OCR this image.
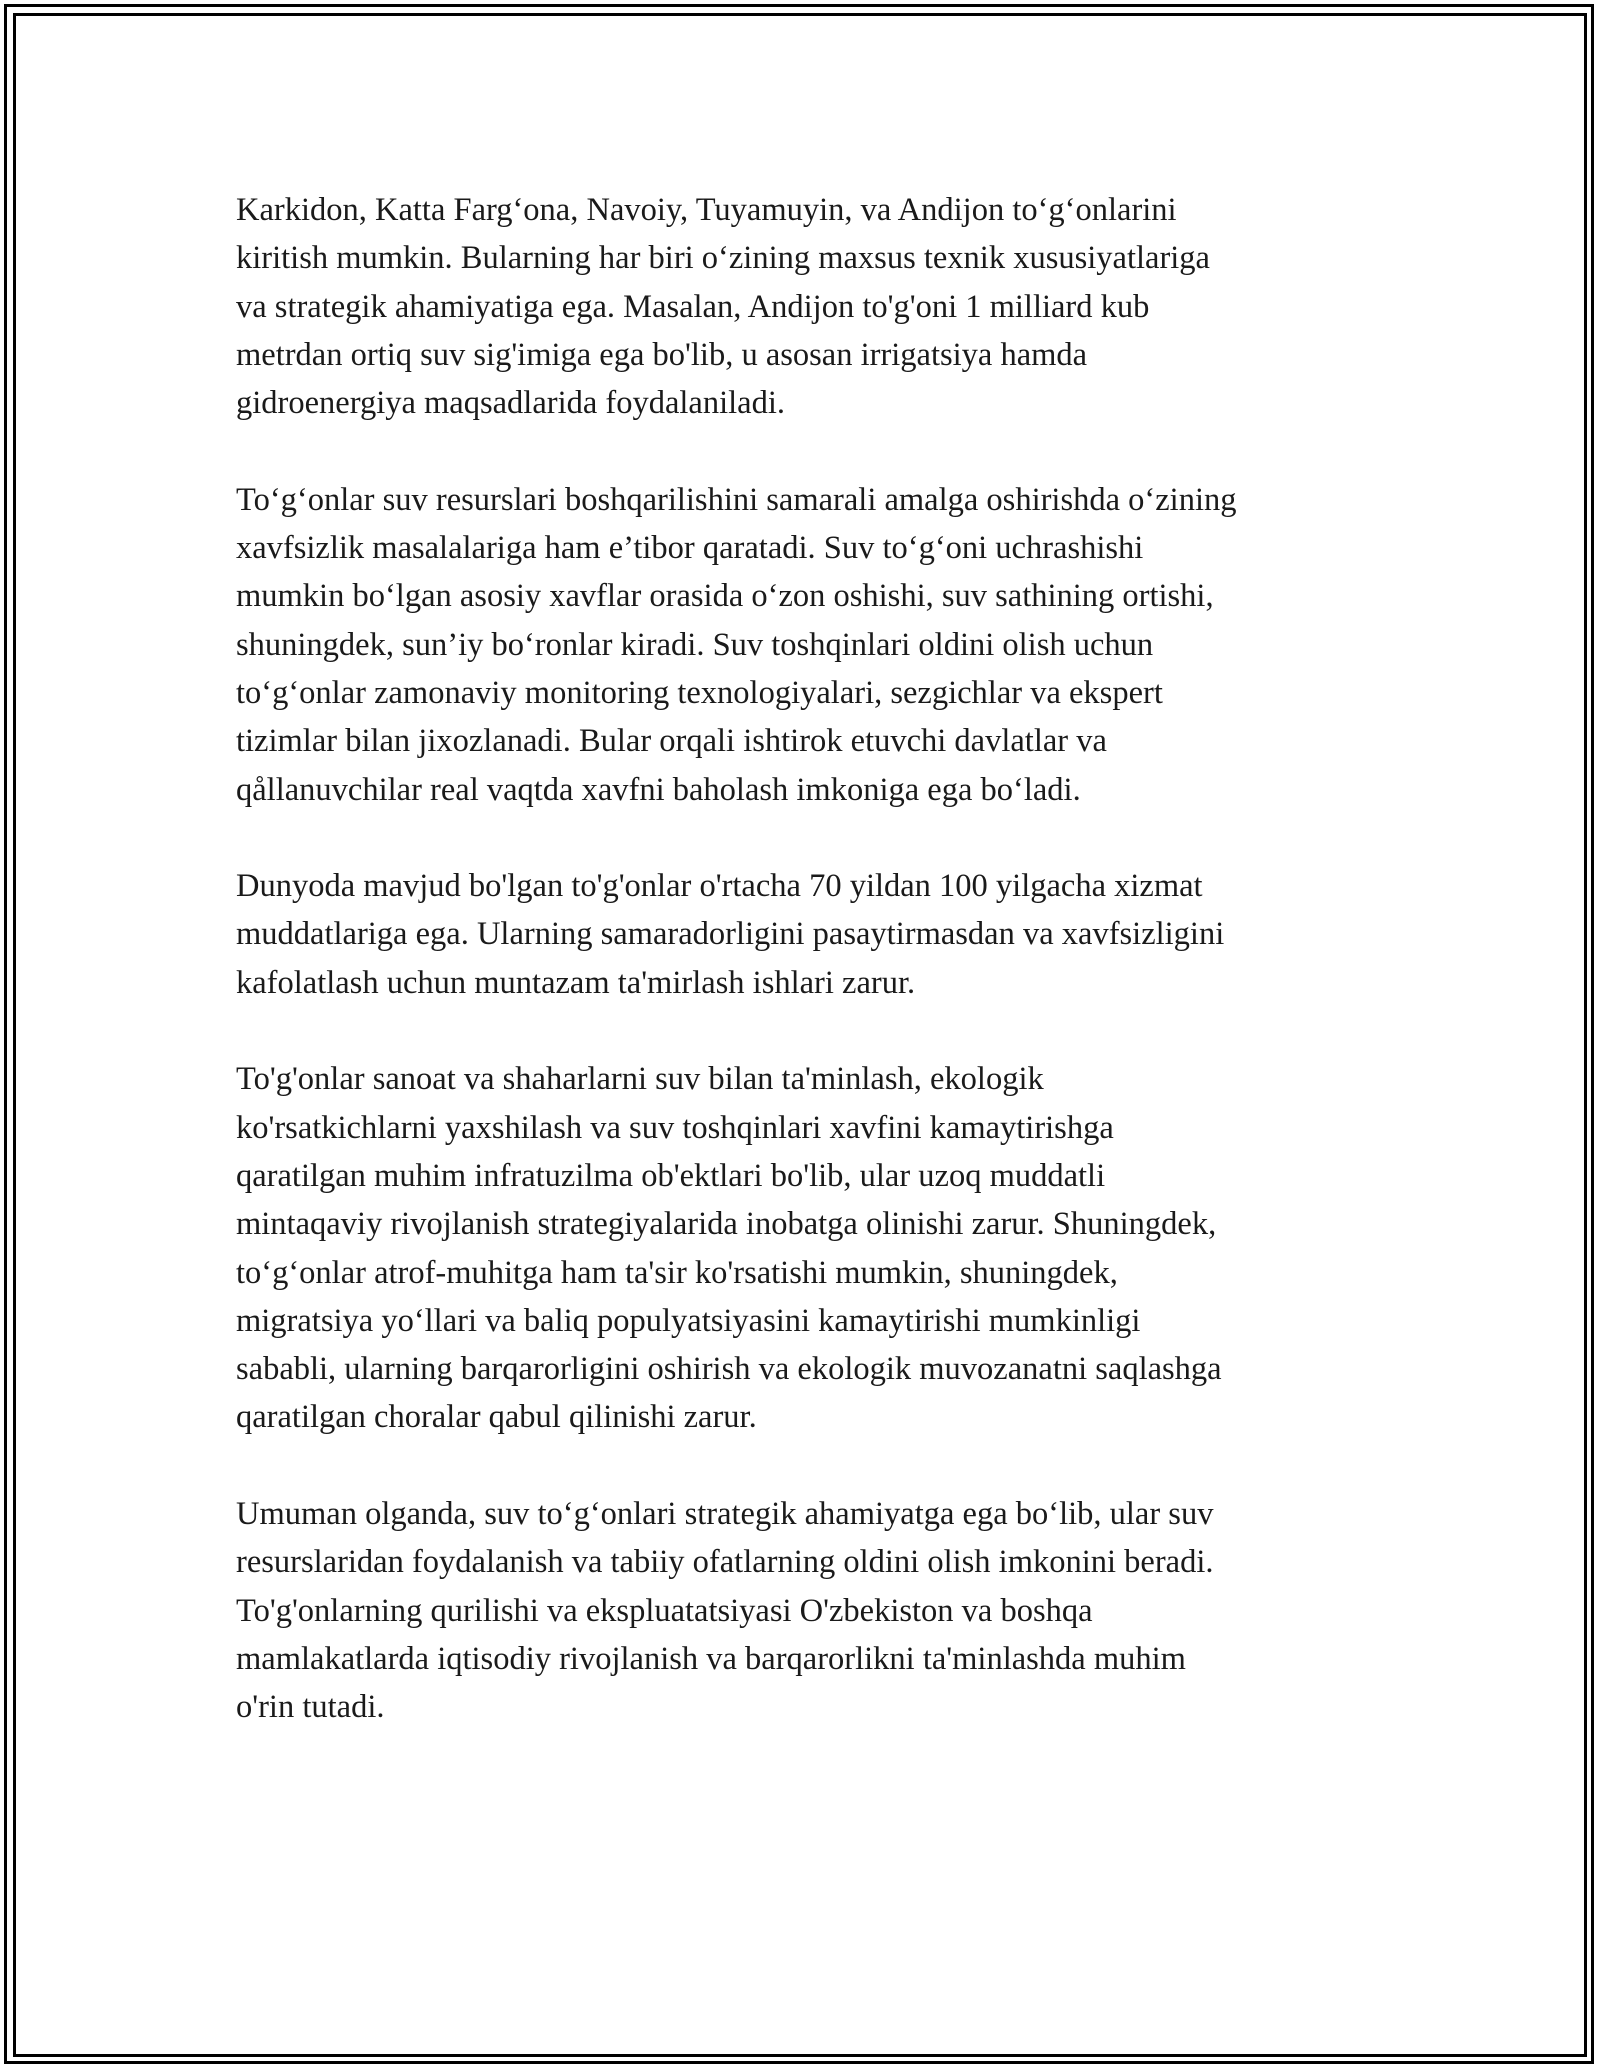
Karkidon, Katta Farg‘ona, Navoiy, Tuyamuyin, va Andijon to‘g‘onlarini
kiritish mumkin. Bularning har biri o‘zining maxsus texnik xususiyatlariga
va strategik ahamiyatiga ega. Masalan, Andijon to'g'oni 1 milliard kub
metrdan ortiq suv sig'imiga ega bo'lib, u asosan irrigatsiya hamda
gidroenergiya maqsadlarida foydalaniladi.
To‘g‘onlar suv resurslari boshqarilishini samarali amalga oshirishda o‘zining
xavfsizlik masalalariga ham e’tibor qaratadi. Suv to‘g‘oni uchrashishi
mumkin bo‘lgan asosiy xavflar orasida o‘zon oshishi, suv sathining ortishi,
shuningdek, sun’iy bo‘ronlar kiradi. Suv toshqinlari oldini olish uchun
to‘g‘onlar zamonaviy monitoring texnologiyalari, sezgichlar va ekspert
tizimlar bilan jixozlanadi. Bular orqali ishtirok etuvchi davlatlar va
qållanuvchilar real vaqtda xavfni baholash imkoniga ega bo‘ladi.
Dunyoda mavjud bo'lgan to'g'onlar o'rtacha 70 yildan 100 yilgacha xizmat
muddatlariga ega. Ularning samaradorligini pasaytirmasdan va xavfsizligini
kafolatlash uchun muntazam ta'mirlash ishlari zarur.
To'g'onlar sanoat va shaharlarni suv bilan ta'minlash, ekologik
ko'rsatkichlarni yaxshilash va suv toshqinlari xavfini kamaytirishga
qaratilgan muhim infratuzilma ob'ektlari bo'lib, ular uzoq muddatli
mintaqaviy rivojlanish strategiyalarida inobatga olinishi zarur. Shuningdek,
to‘g‘onlar atrof-muhitga ham ta'sir ko'rsatishi mumkin, shuningdek,
migratsiya yo‘llari va baliq populyatsiyasini kamaytirishi mumkinligi
sababli, ularning barqarorligini oshirish va ekologik muvozanatni saqlashga
qaratilgan choralar qabul qilinishi zarur.
Umuman olganda, suv to‘g‘onlari strategik ahamiyatga ega bo‘lib, ular suv
resurslaridan foydalanish va tabiiy ofatlarning oldini olish imkonini beradi.
To'g'onlarning qurilishi va ekspluatatsiyasi O'zbekiston va boshqa
mamlakatlarda iqtisodiy rivojlanish va barqarorlikni ta'minlashda muhim
o'rin tutadi.
